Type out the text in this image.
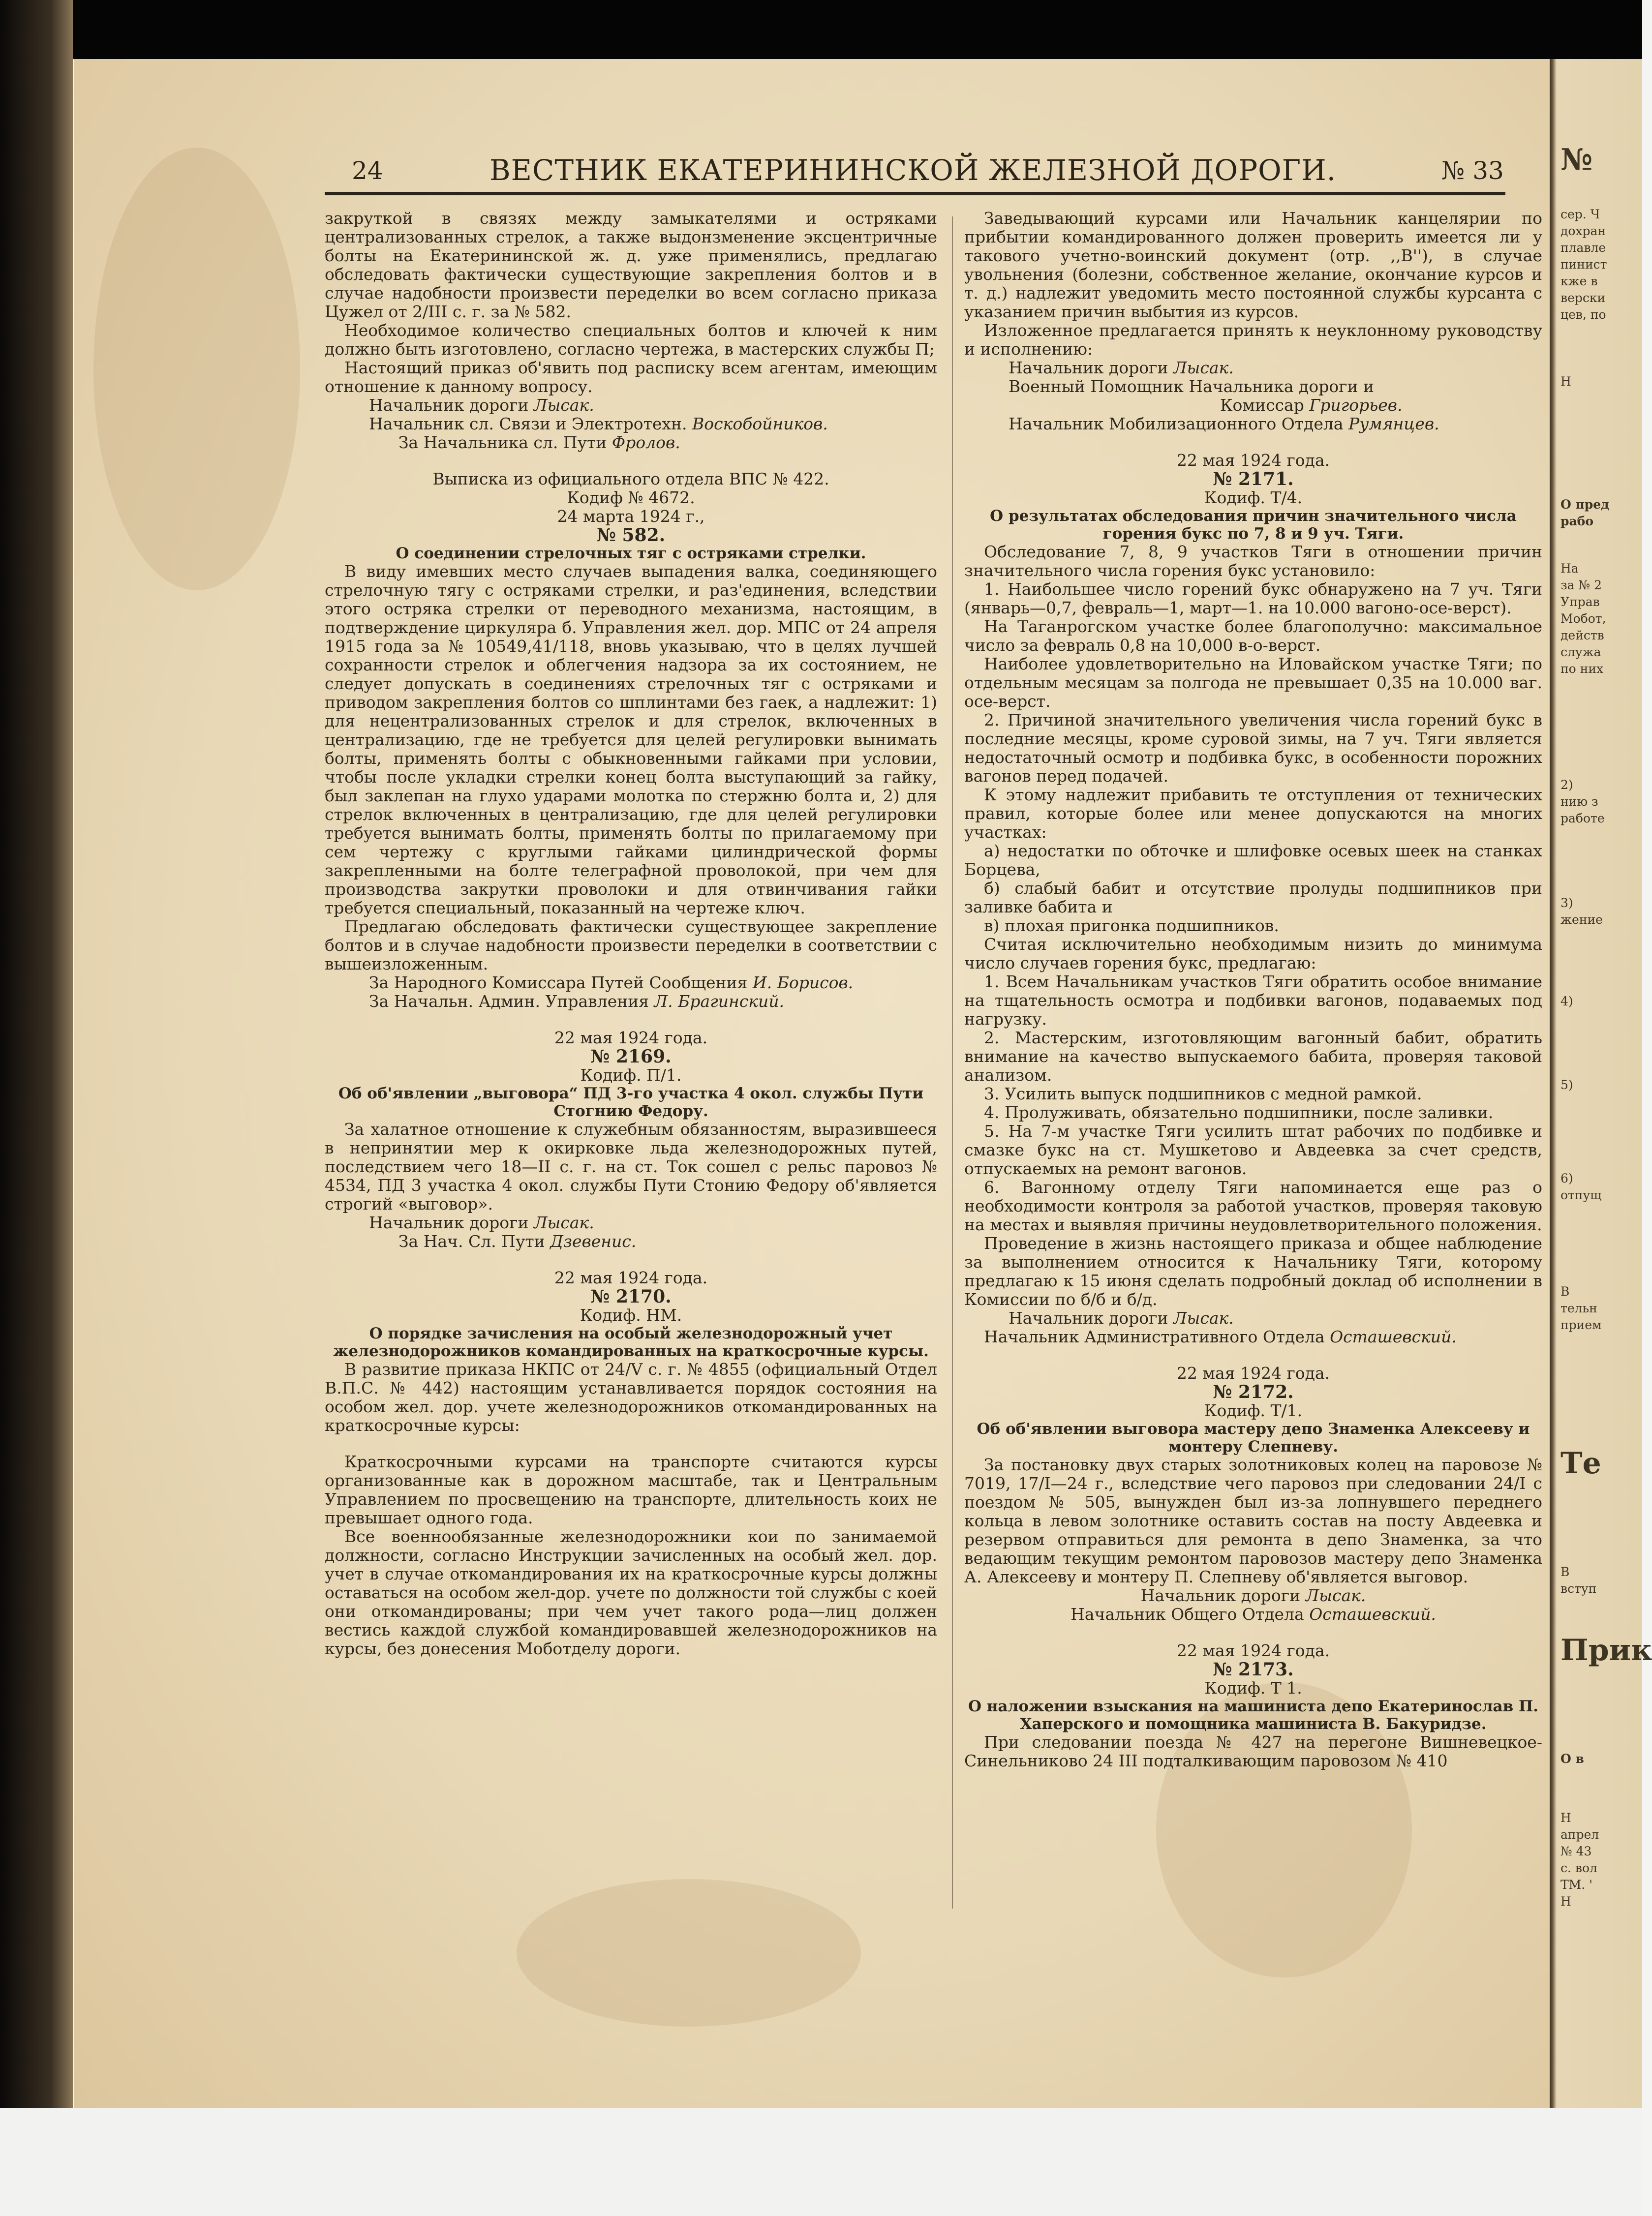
24	ВЕСТНИК ЕКАТЕРИНИНСКОЙ ЖЕЛЕЗНОЙ ДОРОГИ.	№ 33

закруткой в связях между замыкателями и остряками централизованных стрелок, а также выдонзменение эксцентричные болты на Екатерининской ж. д. уже применялись, предлагаю обследовать фактически существующие закрепления болтов и в случае надобности произвести переделки во всем согласно приказа Цужел от 2/III с. г. за № 582.

Необходимое количество специальных болтов и ключей к ним должно быть изготовлено, согласно чертежа, в мастерских службы П;

Настоящий приказ об'явить под расписку всем агентам, имеющим отношение к данному вопросу.

Начальник дороги Лысак.

Начальник сл. Связи и Электротехн. Воскобойников.

За Начальника сл. Пути Фролов.

Выписка из официального отдела ВПС № 422.

Кодиф № 4672.

24 марта 1924 г.,

№ 582.

О соединении стрелочных тяг с остряками стрелки.

В виду имевших место случаев выпадения валка, соединяющего стрелочную тягу с остряками стрелки, и раз'единения, вследствии этого остряка стрелки от переводного механизма, настоящим, в подтверждение циркуляра б. Управления жел. дор. МПС от 24 апреля 1915 года за № 10549,41/118, вновь указываю, что в целях лучшей сохранности стрелок и облегчения надзора за их состоянием, не следует допускать в соединениях стрелочных тяг с остряками и приводом закрепления болтов со шплинтами без гаек, а надлежит: 1) для нецентрализованных стрелок и для стрелок, включенных в централизацию, где не требуется для целей регулировки вынимать болты, применять болты с обыкновенными гайками при условии, чтобы после укладки стрелки конец болта выступающий за гайку, был заклепан на глухо ударами молотка по стержню болта и, 2) для стрелок включенных в централизацию, где для целей регулировки требуется вынимать болты, применять болты по прилагаемому при сем чертежу с круглыми гайками цилиндрической формы закрепленными на болте телеграфной проволокой, при чем для производства закрутки проволоки и для отвинчивания гайки требуется специальный, показанный на чертеже ключ.

Предлагаю обследовать фактически существующее закрепление болтов и в случае надобности произвести переделки в соответствии с вышеизложенным.

За Народного Комиссара Путей Сообщения И. Борисов.

За Начальн. Админ. Управления Л. Брагинский.

22 мая 1924 года.

№ 2169.

Кодиф. П/1.

Об об'явлении „выговора“ ПД 3-го участка 4 окол. службы Пути Стогнию Федору.

За халатное отношение к служебным обязанностям, выразившееся в непринятии мер к окирковке льда железнодорожных путей, последствием чего 18—II с. г. на ст. Ток сошел с рельс паровоз № 4534, ПД 3 участка 4 окол. службы Пути Стонию Федору об'является строгий «выговор».

Начальник дороги Лысак.

За Нач. Сл. Пути Дзевенис.

22 мая 1924 года.

№ 2170.

Кодиф. НМ.

О порядке зачисления на особый железнодорожный учет железнодорожников командированных на краткосрочные курсы.

В развитие приказа НКПС от 24/V с. г. № 4855 (официальный Отдел В.П.С. № 442) настоящим устанавливается порядок состояния на особом жел. дор. учете железнодорожников откомандированных на краткосрочные курсы:

Краткосрочными курсами на транспорте считаются курсы организованные как в дорожном масштабе, так и Центральным Управлением по просвещению на транспорте, длительность коих не превышает одного года.

Все военнообязанные железнодорожники кои по занимаемой должности, согласно Инструкции зачисленных на особый жел. дор. учет в случае откомандирования их на краткосрочные курсы должны оставаться на особом жел-дор. учете по должности той службы с коей они откомандированы; при чем учет такого рода—лиц должен вестись каждой службой командировавшей железнодорожников на курсы, без донесения Моботделу дороги.

Заведывающий курсами или Начальник канцелярии по прибытии командированного должен проверить имеется ли у такового учетно-воинский документ (отр. ,,В''), в случае увольнения (болезни, собственное желание, окончание курсов и т. д.) надлежит уведомить место постоянной службы курсанта с указанием причин выбытия из курсов.

Изложенное предлагается принять к неуклонному руководству и исполнению:

Начальник дороги Лысак.

Военный Помощник Начальника дороги и

Комиссар Григорьев.

Начальник Мобилизационного Отдела Румянцев.

22 мая 1924 года.

№ 2171.

Кодиф. Т/4.

О результатах обследования причин значительного числа горения букс по 7, 8 и 9 уч. Тяги.

Обследование 7, 8, 9 участков Тяги в отношении причин значительного числа горения букс установило:

1. Наибольшее число горений букс обнаружено на 7 уч. Тяги (январь—0,7, февраль—1, март—1. на 10.000 вагоно-осе-верст).

На Таганрогском участке более благополучно: максимальное число за февраль 0,8 на 10,000 в-о-верст.

Наиболее удовлетворительно на Иловайском участке Тяги; по отдельным месяцам за полгода не превышает 0,35 на 10.000 ваг. осе-верст.

2. Причиной значительного увеличения числа горений букс в последние месяцы, кроме суровой зимы, на 7 уч. Тяги является недостаточный осмотр и подбивка букс, в особенности порожних вагонов перед подачей.

К этому надлежит прибавить те отступления от технических правил, которые более или менее допускаются на многих участках:

а) недостатки по обточке и шлифовке осевых шеек на станках Борцева,

б) слабый бабит и отсутствие пролуды подшипников при заливке бабита и

в) плохая пригонка подшипников.

Считая исключительно необходимым низить до минимума число случаев горения букс, предлагаю:

1. Всем Начальникам участков Тяги обратить особое внимание на тщательность осмотра и подбивки вагонов, подаваемых под нагрузку.

2. Мастерским, изготовляющим вагонный бабит, обратить внимание на качество выпускаемого бабита, проверяя таковой анализом.

3. Усилить выпуск подшипников с медной рамкой.

4. Пролуживать, обязательно подшипники, после заливки.

5. На 7-м участке Тяги усилить штат рабочих по подбивке и смазке букс на ст. Мушкетово и Авдеевка за счет средств, отпускаемых на ремонт вагонов.

6. Вагонному отделу Тяги напоминается еще раз о необходимости контроля за работой участков, проверяя таковую на местах и выявляя причины неудовлетворительного положения.

Проведение в жизнь настоящего приказа и общее наблюдение за выполнением относится к Начальнику Тяги, которому предлагаю к 15 июня сделать подробный доклад об исполнении в Комиссии по б/б и б/д.

Начальник дороги Лысак.

Начальник Административного Отдела Осташевский.

22 мая 1924 года.

№ 2172.

Кодиф. Т/1.

Об об'явлении выговора мастеру депо Знаменка Алексееву и монтеру Слепневу.

За постановку двух старых золотниковых колец на паровозе № 7019, 17/I—24 г., вследствие чего паровоз при следовании 24/I с поездом № 505, вынужден был из-за лопнувшего переднего кольца в левом золотнике оставить состав на посту Авдеевка и резервом отправиться для ремонта в депо Знаменка, за что ведающим текущим ремонтом паровозов мастеру депо Знаменка А. Алексееву и монтеру П. Слепневу об'является выговор.

Начальник дороги Лысак.

Начальник Общего Отдела Осташевский.

22 мая 1924 года.

№ 2173.

Кодиф. Т 1.

О наложении взыскания на машиниста депо Екатеринослав П. Хаперского и помощника машиниста В. Бакуридзе.

При следовании поезда № 427 на перегоне Вишневецкое-Синельниково 24 III подталкивающим паровозом № 410

№
сер. Ч
дохран
плавле
пинист
кже в
верски
цев, по
Н
О пред
рабо
На
за № 2
Управ
Мобот,
действ
служа
по них
2)
нию з
работе
3)
жение
4)
5)
6)
отпущ
В
тельн
прием
Те
В
вступ
Прик
О в
Н
апрел
№ 43
с. вол
ТМ. '
Н
